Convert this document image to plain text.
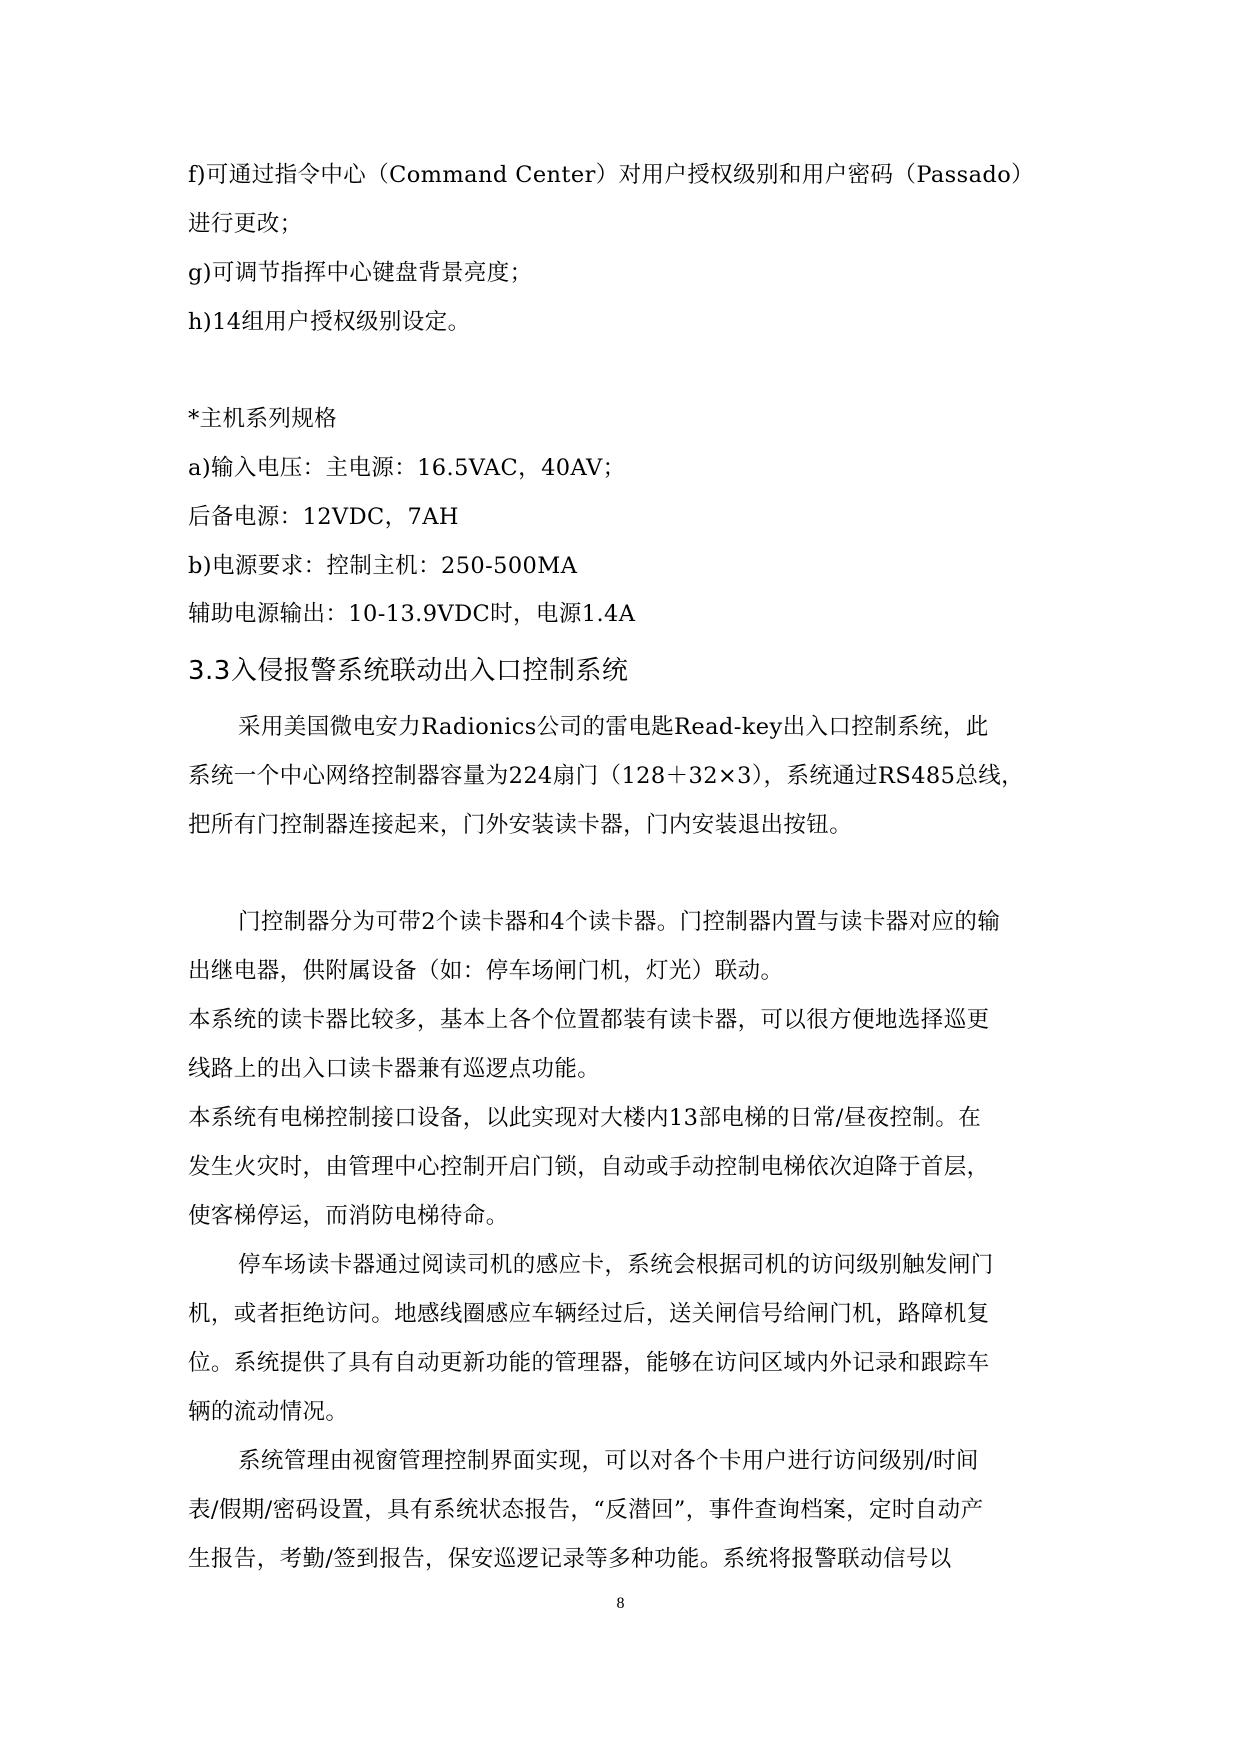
f)可通过指令中心（Command Center）对用户授权级别和用户密码（Passado）
进行更改；
g)可调节指挥中心键盘背景亮度；
h)14组用户授权级别设定。
*主机系列规格
a)输入电压：主电源：16.5VAC，40AV；
后备电源：12VDC，7AH
b)电源要求：控制主机：250-500MA
辅助电源输出：10-13.9VDC时，电源1.4A
3.3入侵报警系统联动出入口控制系统
采用美国微电安力Radionics公司的雷电匙Read-key出入口控制系统，此
系统一个中心网络控制器容量为224扇门（128＋32×3），系统通过RS485总线，
把所有门控制器连接起来，门外安装读卡器，门内安装退出按钮。
门控制器分为可带2个读卡器和4个读卡器。门控制器内置与读卡器对应的输
出继电器，供附属设备（如：停车场闸门机，灯光）联动。
本系统的读卡器比较多，基本上各个位置都装有读卡器，可以很方便地选择巡更
线路上的出入口读卡器兼有巡逻点功能。
本系统有电梯控制接口设备，以此实现对大楼内13部电梯的日常/昼夜控制。在
发生火灾时，由管理中心控制开启门锁，自动或手动控制电梯依次迫降于首层，
使客梯停运，而消防电梯待命。
停车场读卡器通过阅读司机的感应卡，系统会根据司机的访问级别触发闸门
机，或者拒绝访问。地感线圈感应车辆经过后，送关闸信号给闸门机，路障机复
位。系统提供了具有自动更新功能的管理器，能够在访问区域内外记录和跟踪车
辆的流动情况。
系统管理由视窗管理控制界面实现，可以对各个卡用户进行访问级别/时间
表/假期/密码设置，具有系统状态报告，“反潜回”，事件查询档案，定时自动产
生报告，考勤/签到报告，保安巡逻记录等多种功能。系统将报警联动信号以
8
